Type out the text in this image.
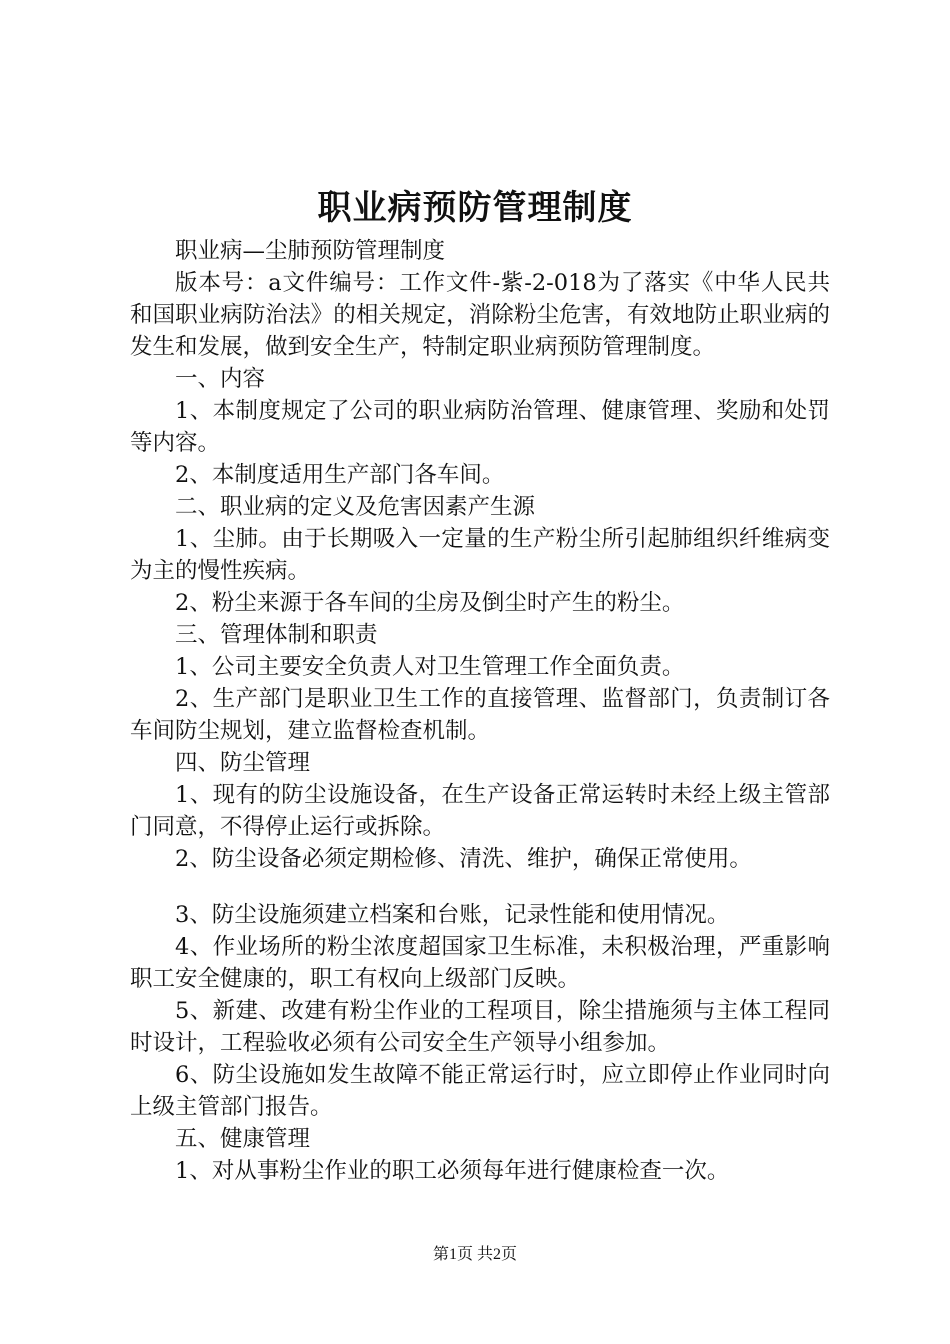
职业病预防管理制度

职业病—尘肺预防管理制度

版本号：a文件编号：工作文件-紫-2-018为了落实《中华人民共和国职业病防治法》的相关规定，消除粉尘危害，有效地防止职业病的发生和发展，做到安全生产，特制定职业病预防管理制度。

一、内容

1、本制度规定了公司的职业病防治管理、健康管理、奖励和处罚等内容。

2、本制度适用生产部门各车间。

二、职业病的定义及危害因素产生源

1、尘肺。由于长期吸入一定量的生产粉尘所引起肺组织纤维病变为主的慢性疾病。

2、粉尘来源于各车间的尘房及倒尘时产生的粉尘。

三、管理体制和职责

1、公司主要安全负责人对卫生管理工作全面负责。

2、生产部门是职业卫生工作的直接管理、监督部门，负责制订各车间防尘规划，建立监督检查机制。

四、防尘管理

1、现有的防尘设施设备，在生产设备正常运转时未经上级主管部门同意，不得停止运行或拆除。

2、防尘设备必须定期检修、清洗、维护，确保正常使用。

3、防尘设施须建立档案和台账，记录性能和使用情况。

4、作业场所的粉尘浓度超国家卫生标准，未积极治理，严重影响职工安全健康的，职工有权向上级部门反映。

5、新建、改建有粉尘作业的工程项目，除尘措施须与主体工程同时设计，工程验收必须有公司安全生产领导小组参加。

6、防尘设施如发生故障不能正常运行时，应立即停止作业同时向上级主管部门报告。

五、健康管理

1、对从事粉尘作业的职工必须每年进行健康检查一次。

第1页 共2页
